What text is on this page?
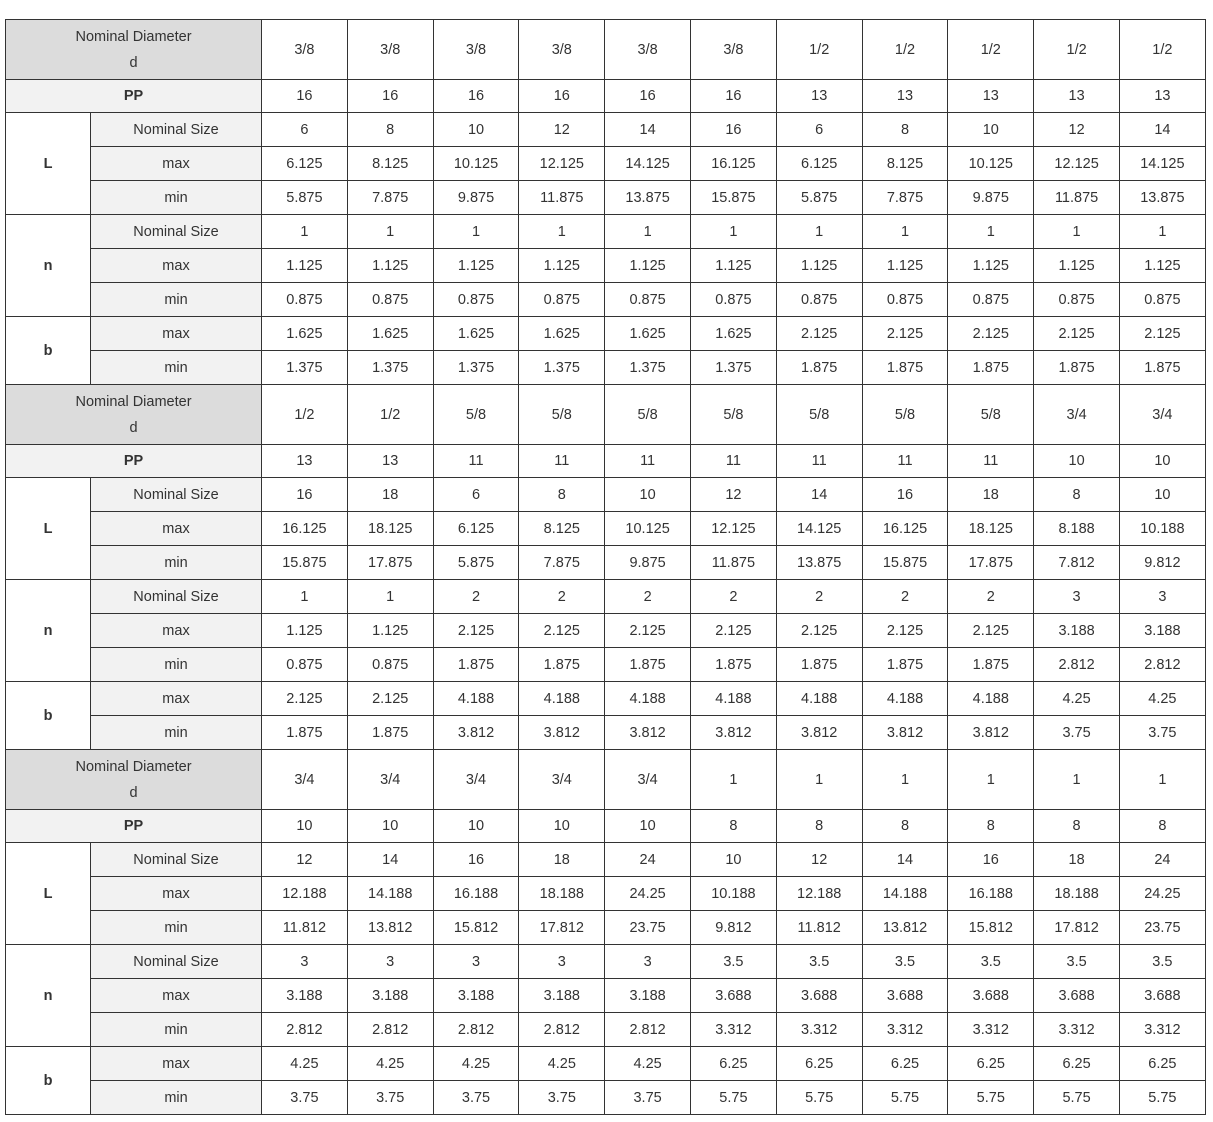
Nominal Diameter
d		3/8	3/8	3/8	3/8	3/8	3/8	1/2	1/2	1/2	1/2	1/2
PP		16	16	16	16	16	16	13	13	13	13	13
L	Nominal Size	6	8	10	12	14	16	6	8	10	12	14
	max	6.125	8.125	10.125	12.125	14.125	16.125	6.125	8.125	10.125	12.125	14.125
	min	5.875	7.875	9.875	11.875	13.875	15.875	5.875	7.875	9.875	11.875	13.875
n	Nominal Size	1	1	1	1	1	1	1	1	1	1	1
	max	1.125	1.125	1.125	1.125	1.125	1.125	1.125	1.125	1.125	1.125	1.125
	min	0.875	0.875	0.875	0.875	0.875	0.875	0.875	0.875	0.875	0.875	0.875
b	max	1.625	1.625	1.625	1.625	1.625	1.625	2.125	2.125	2.125	2.125	2.125
	min	1.375	1.375	1.375	1.375	1.375	1.375	1.875	1.875	1.875	1.875	1.875

Nominal Diameter
d		1/2	1/2	5/8	5/8	5/8	5/8	5/8	5/8	5/8	3/4	3/4
PP		13	13	11	11	11	11	11	11	11	10	10
L	Nominal Size	16	18	6	8	10	12	14	16	18	8	10
	max	16.125	18.125	6.125	8.125	10.125	12.125	14.125	16.125	18.125	8.188	10.188
	min	15.875	17.875	5.875	7.875	9.875	11.875	13.875	15.875	17.875	7.812	9.812
n	Nominal Size	1	1	2	2	2	2	2	2	2	3	3
	max	1.125	1.125	2.125	2.125	2.125	2.125	2.125	2.125	2.125	3.188	3.188
	min	0.875	0.875	1.875	1.875	1.875	1.875	1.875	1.875	1.875	2.812	2.812
b	max	2.125	2.125	4.188	4.188	4.188	4.188	4.188	4.188	4.188	4.25	4.25
	min	1.875	1.875	3.812	3.812	3.812	3.812	3.812	3.812	3.812	3.75	3.75

Nominal Diameter
d		3/4	3/4	3/4	3/4	3/4	1	1	1	1	1	1
PP		10	10	10	10	10	8	8	8	8	8	8
L	Nominal Size	12	14	16	18	24	10	12	14	16	18	24
	max	12.188	14.188	16.188	18.188	24.25	10.188	12.188	14.188	16.188	18.188	24.25
	min	11.812	13.812	15.812	17.812	23.75	9.812	11.812	13.812	15.812	17.812	23.75
n	Nominal Size	3	3	3	3	3	3.5	3.5	3.5	3.5	3.5	3.5
	max	3.188	3.188	3.188	3.188	3.188	3.688	3.688	3.688	3.688	3.688	3.688
	min	2.812	2.812	2.812	2.812	2.812	3.312	3.312	3.312	3.312	3.312	3.312
b	max	4.25	4.25	4.25	4.25	4.25	6.25	6.25	6.25	6.25	6.25	6.25
	min	3.75	3.75	3.75	3.75	3.75	5.75	5.75	5.75	5.75	5.75	5.75
